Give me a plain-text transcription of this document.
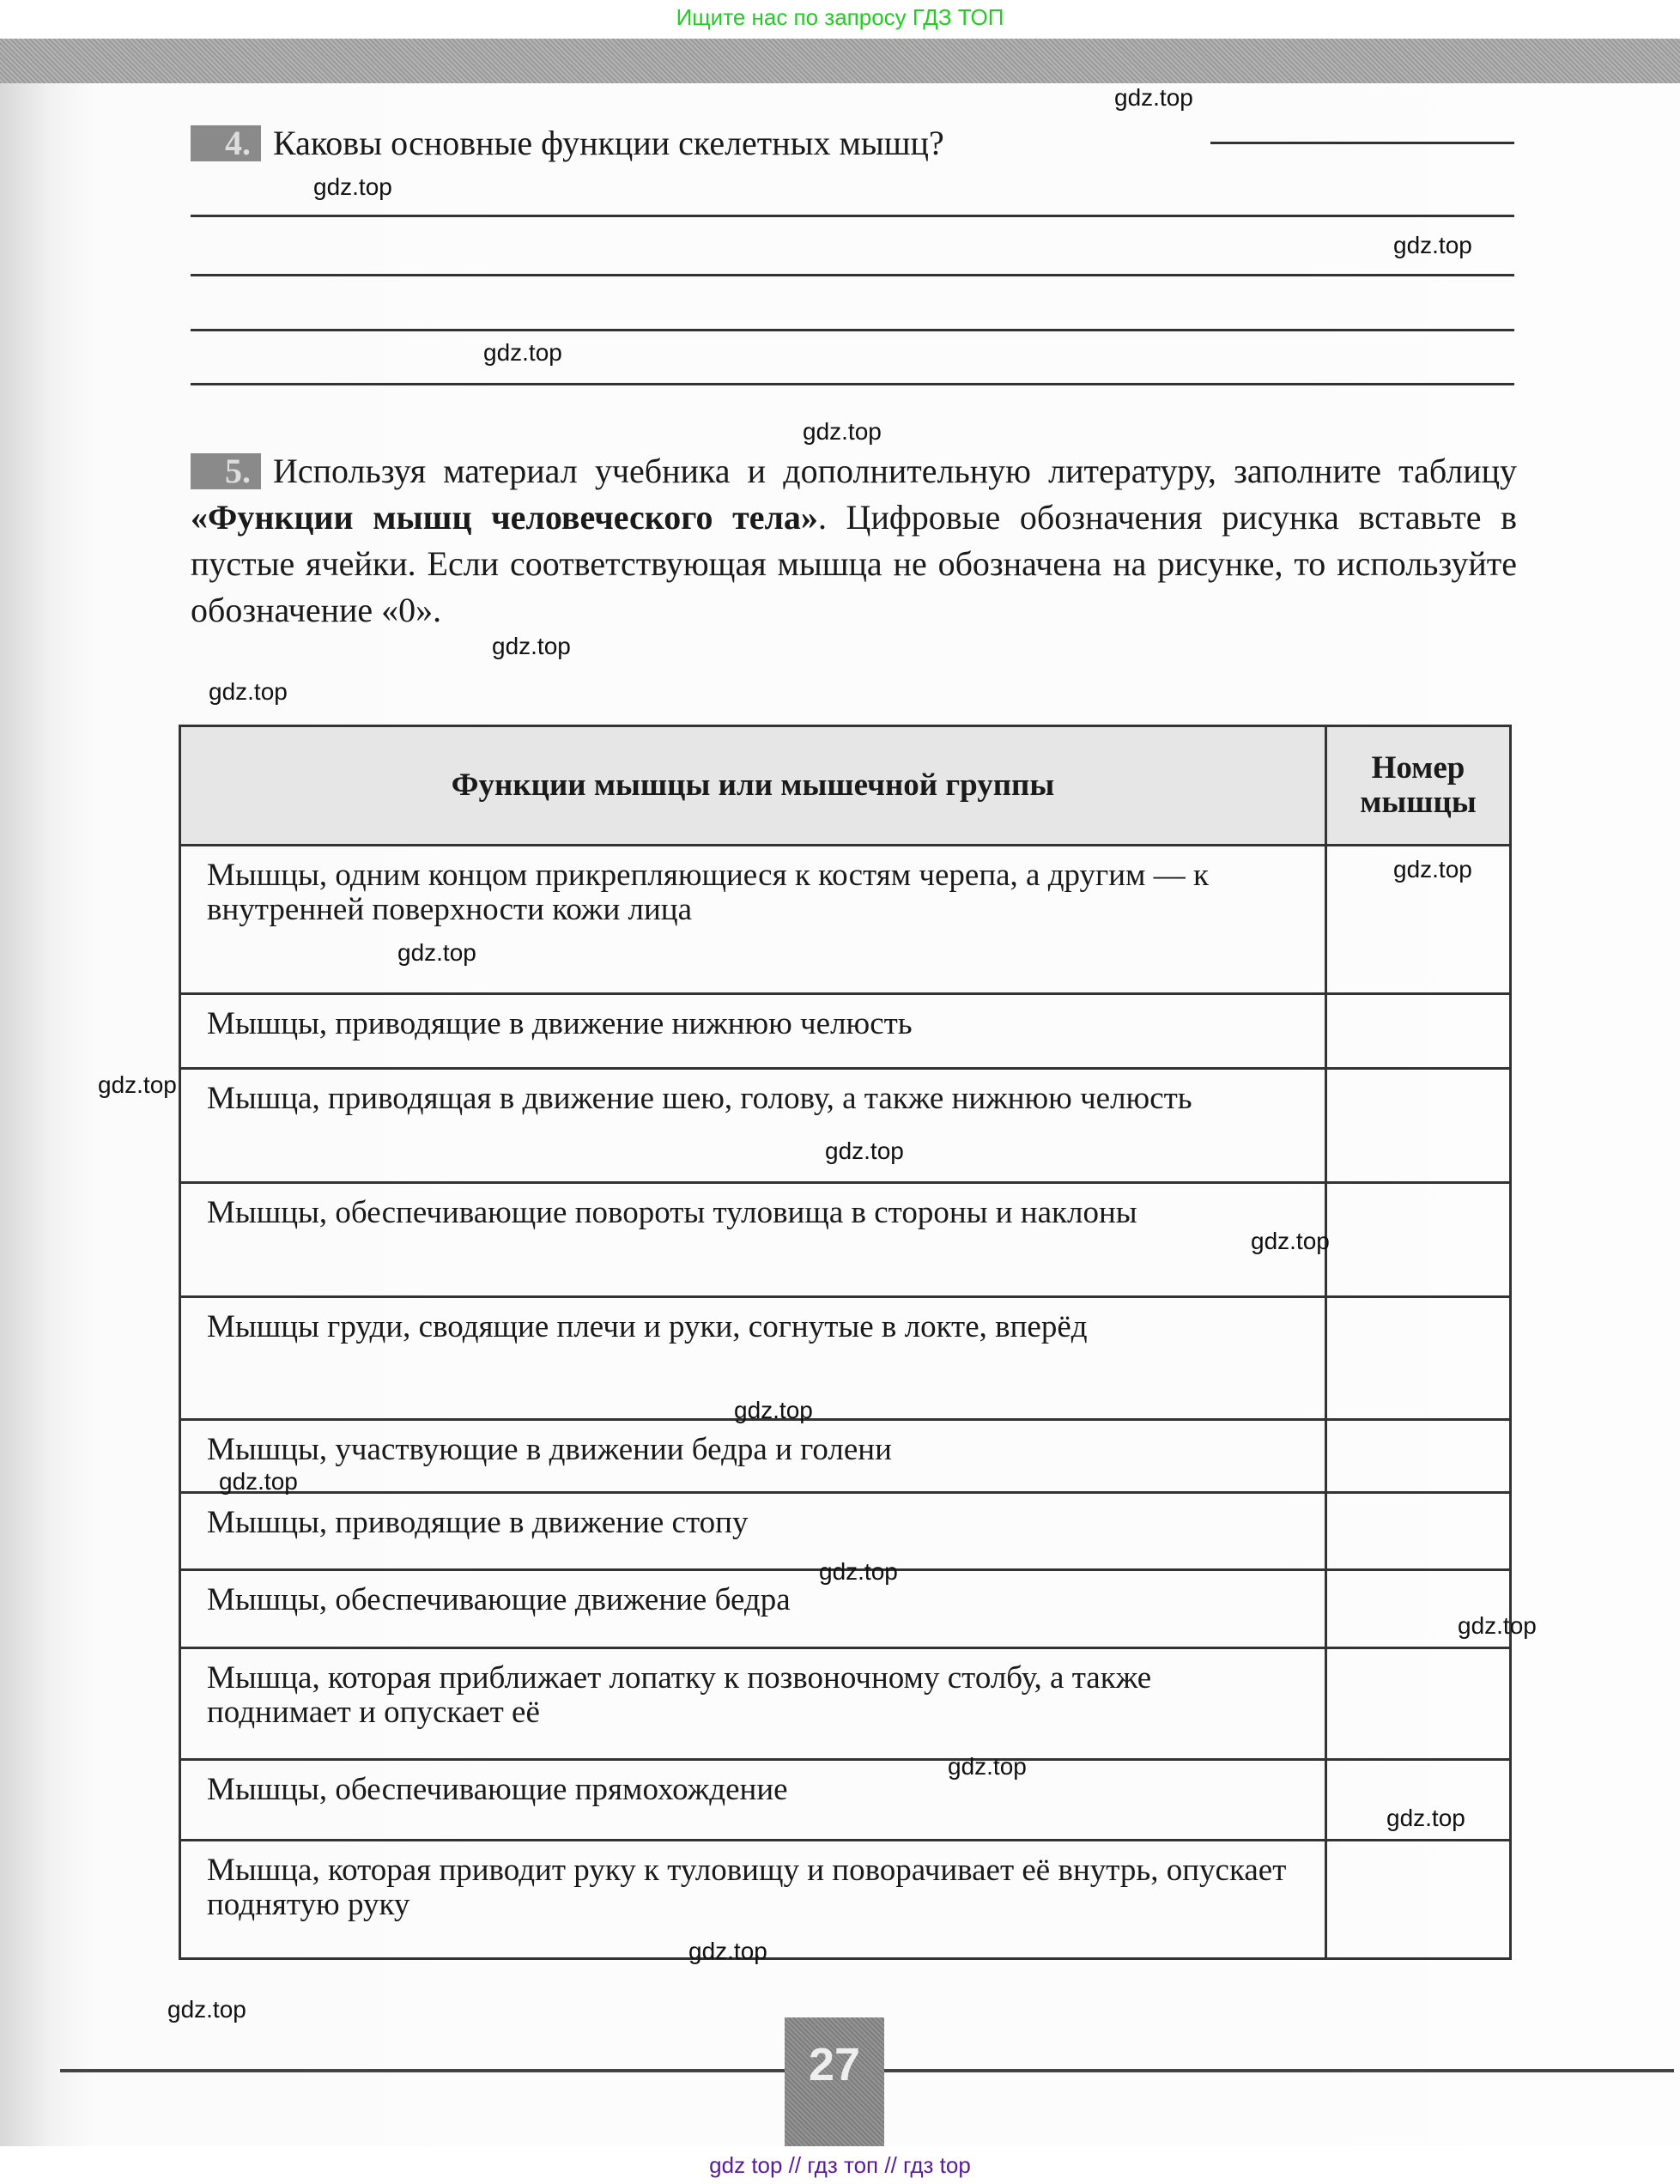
Ищите нас по запросу ГДЗ ТОП
4. Каковы основные функции скелетных мышц?
5. Используя материал учебника и дополнительную литературу, заполните таблицу «Функции мышц человеческого тела». Цифровые обозначения рисунка вставьте в пустые ячейки. Если соответствующая мышца не обозначена на рисунке, то используйте обозначение «0».
Функции мышцы или мышечной группы	Номер мышцы
Мышцы, одним концом прикрепляющиеся к костям черепа, а другим — к внутренней поверхности кожи лица	
Мышцы, приводящие в движение нижнюю челюсть	
Мышца, приводящая в движение шею, голову, а также нижнюю челюсть	
Мышцы, обеспечивающие повороты туловища в стороны и наклоны	
Мышцы груди, сводящие плечи и руки, согнутые в локте, вперёд	
Мышцы, участвующие в движении бедра и голени	
Мышцы, приводящие в движение стопу	
Мышцы, обеспечивающие движение бедра	
Мышца, которая приближает лопатку к позвоночному столбу, а также поднимает и опускает её	
Мышцы, обеспечивающие прямохождение	
Мышца, которая приводит руку к туловищу и поворачивает её внутрь, опускает поднятую руку	
gdz.top
gdz.top
gdz.top
gdz.top
gdz.top
gdz.top
gdz.top
gdz.top
gdz.top
gdz.top
gdz.top
gdz.top
gdz.top
gdz.top
gdz.top
gdz.top
gdz.top
gdz.top
gdz.top
gdz.top
27
gdz top // гдз топ // гдз top
